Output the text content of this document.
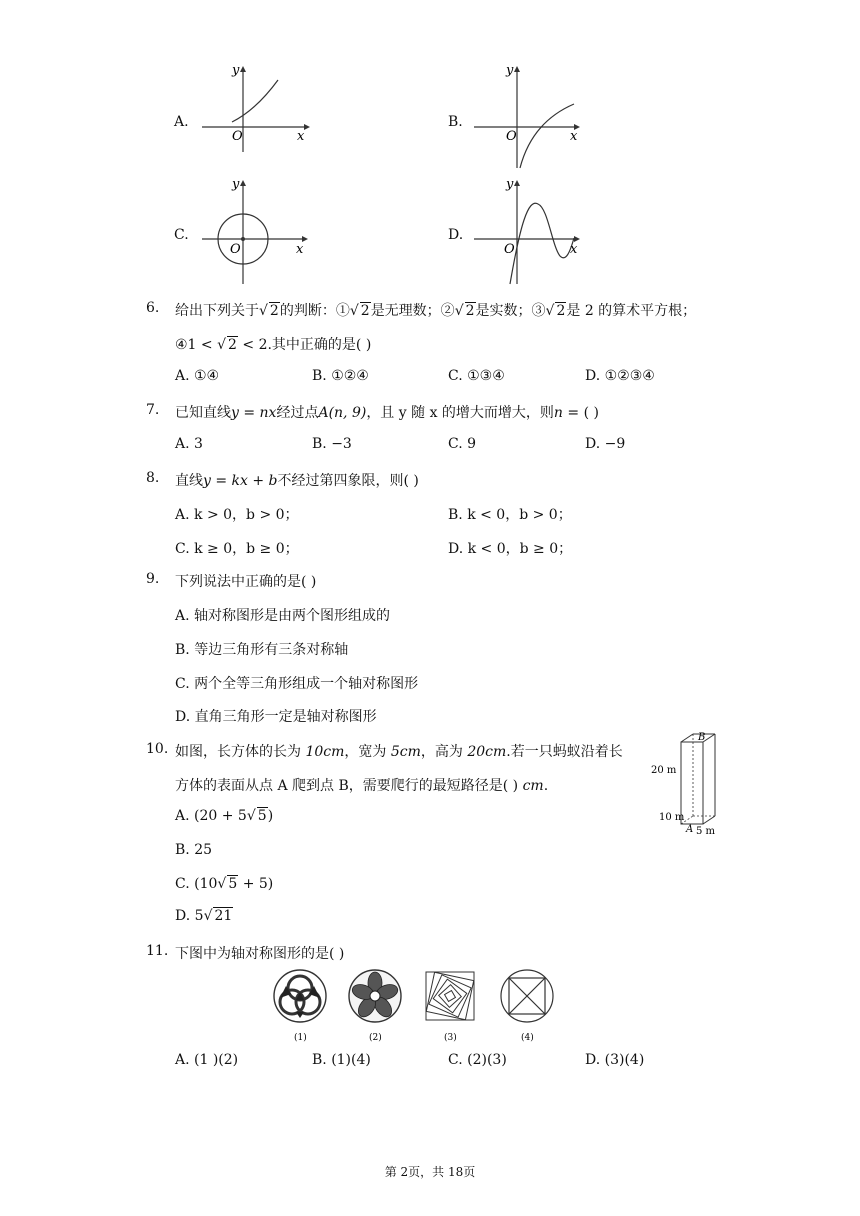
A.
y
x
O
B.
y
x
O
C.
y
x
O
D.
y
x
O
6. 给出下列关于√ 2的判断：①√ 2是无理数；②√ 2是实数；③√ 2是 2 的算术平方根；
④1 < √ 2 < 2.其中正确的是( )
A. ①④	B. ①②④	C. ①③④	D. ①②③④
7. 已知直线y = nx经过点A(n, 9)，且 y 随 x 的增大而增大，则n = ( )
A. 3	B. −3	C. 9	D. −9
8. 直线y = kx + b不经过第四象限，则( )
A. k > 0，b > 0；	B. k < 0，b > 0；
C. k ≥ 0，b ≥ 0；	D. k < 0，b ≥ 0；
9. 下列说法中正确的是( )
A. 轴对称图形是由两个图形组成的
B. 等边三角形有三条对称轴
C. 两个全等三角形组成一个轴对称图形
D. 直角三角形一定是轴对称图形
10. 如图，长方体的长为 10cm，宽为 5cm，高为 20cm.若一只蚂蚁沿着长
方体的表面从点 A 爬到点 B，需要爬行的最短路径是( ) cm.
A. (20 + 5√ 5)
B. 25
C. (10√ 5 + 5)
D. 5√ 21
B
A
20 m
10 m
5 m
11. 下图中为轴对称图形的是( )
(1)	(2)	(3)	(4)
A. (1 )(2)	B. (1)(4)	C. (2)(3)	D. (3)(4)
第 2页，共 18页
